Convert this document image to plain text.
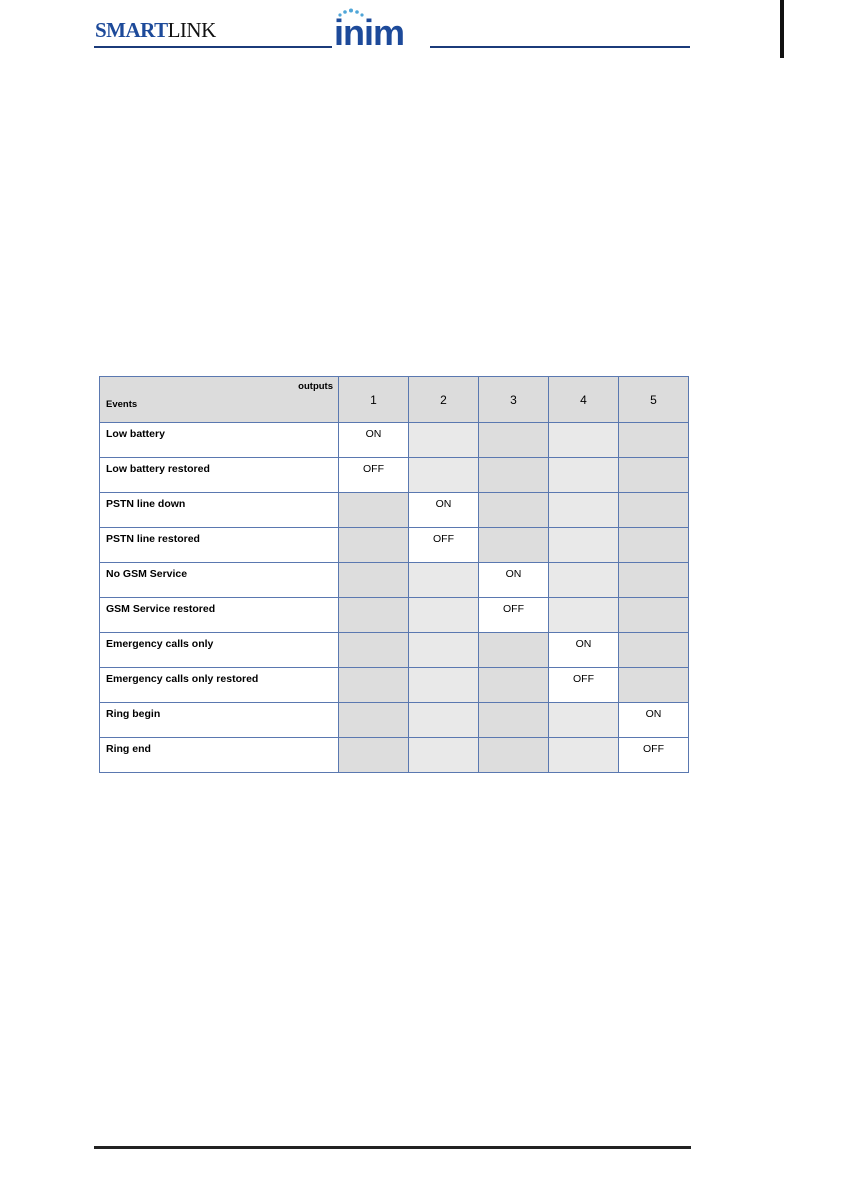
SMARTLINK	inim
outputs
Events	1	2	3	4	5
Low battery	ON				
Low battery restored	OFF				
PSTN line down		ON			
PSTN line restored		OFF			
No GSM Service			ON		
GSM Service restored			OFF		
Emergency calls only				ON	
Emergency calls only restored				OFF	
Ring begin					ON
Ring end					OFF
